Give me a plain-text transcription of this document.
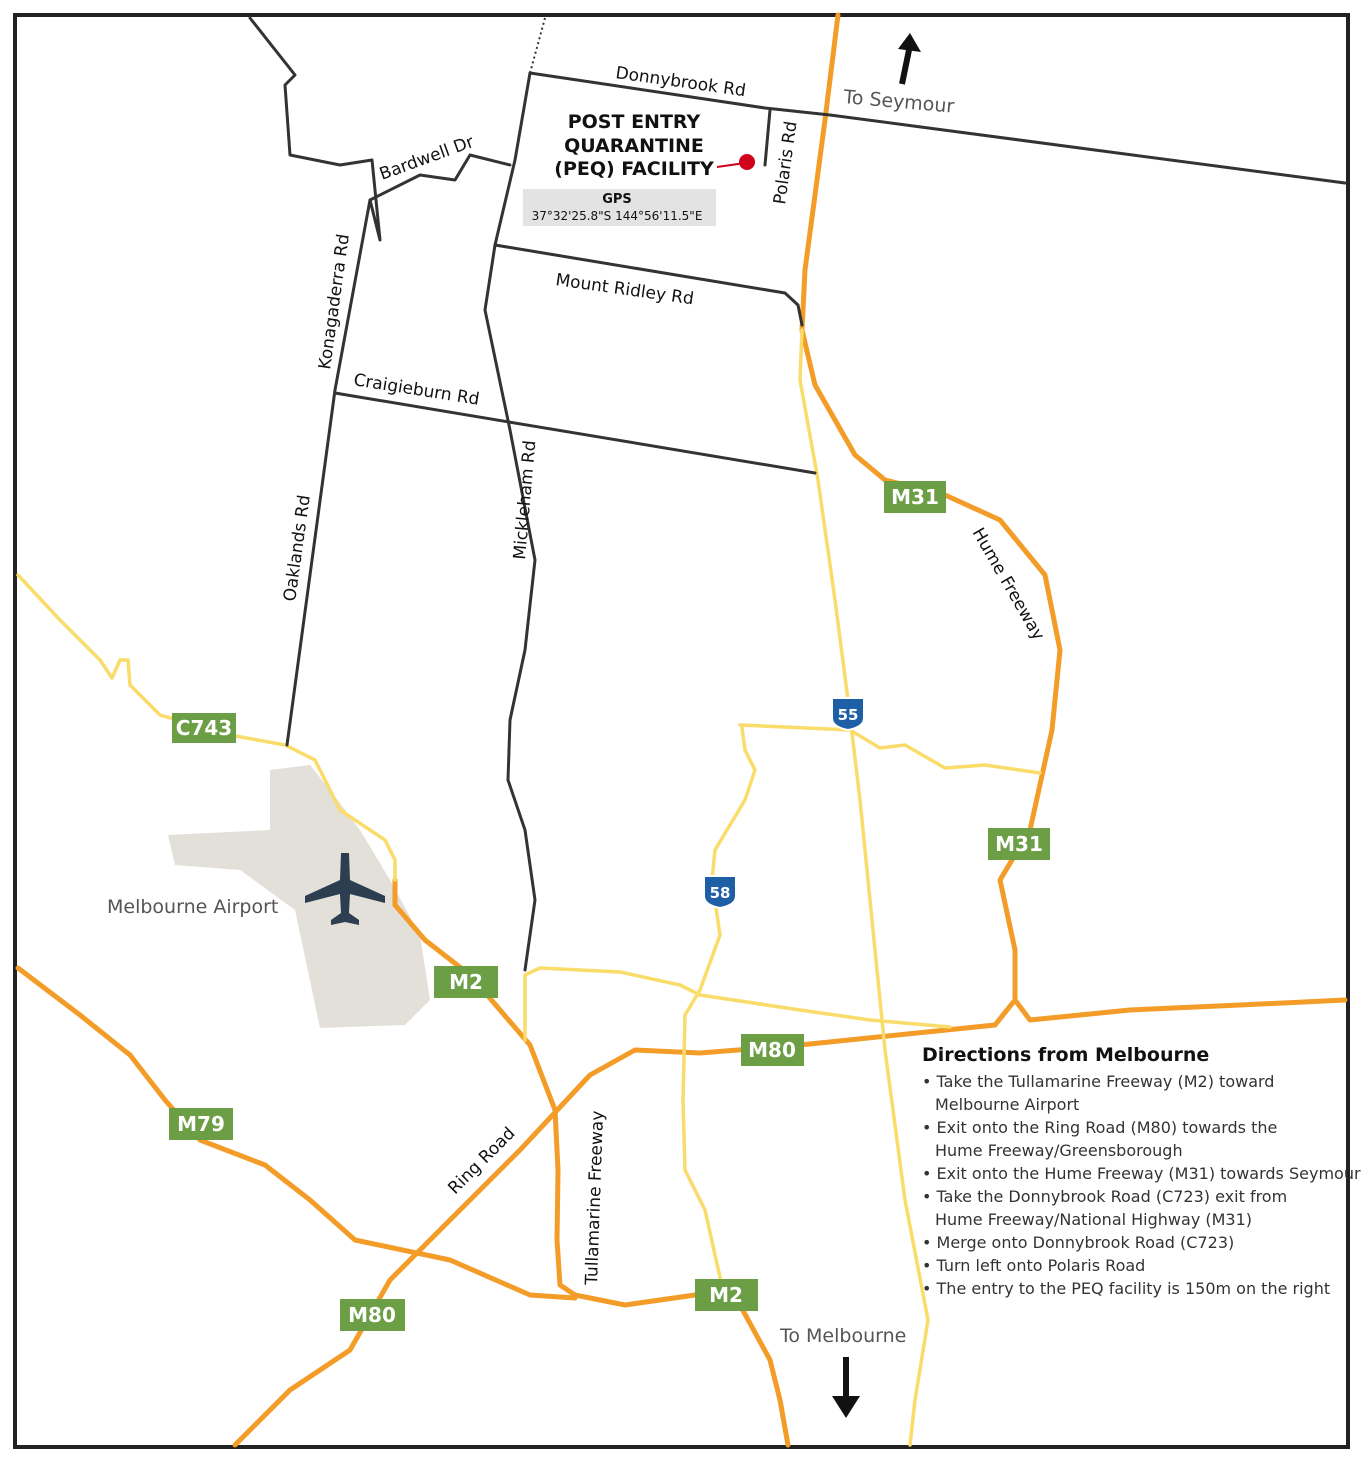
Donnybrook Rd
Polaris Rd
Bardwell Dr
Konagaderra Rd	Mount Ridley Rd
Craigieburn Rd
Oaklands Rd	Mickleham Rd
Hume Freeway
Ring Road	Tullamarine Freeway
To Seymour
To Melbourne
Melbourne Airport
C743
M31
M31
M2
M2
M80
M80
M79
55
58
POST ENTRY
QUARANTINE
(PEQ) FACILITY
GPS
37°32'25.8"S 144°56'11.5"E
Directions from Melbourne
• Take the Tullamarine Freeway (M2) toward
Melbourne Airport
• Exit onto the Ring Road (M80) towards the
Hume Freeway/Greensborough
• Exit onto the Hume Freeway (M31) towards Seymour
• Take the Donnybrook Road (C723) exit from
Hume Freeway/National Highway (M31)
• Merge onto Donnybrook Road (C723)
• Turn left onto Polaris Road
• The entry to the PEQ facility is 150m on the right
